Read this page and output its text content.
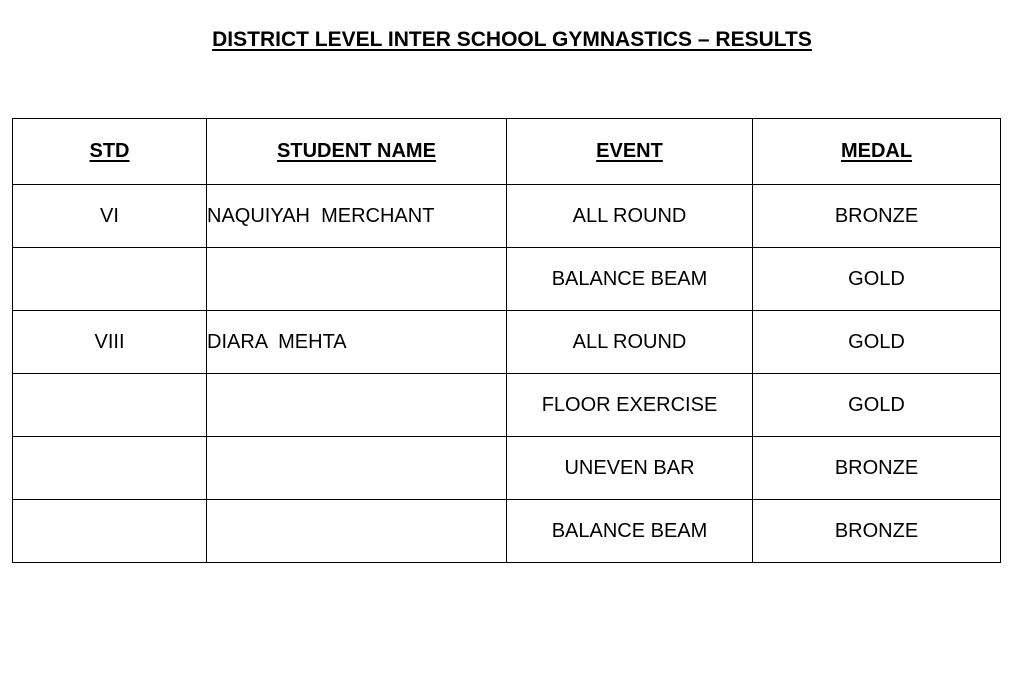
DISTRICT LEVEL INTER SCHOOL GYMNASTICS – RESULTS
STD	STUDENT NAME	EVENT	MEDAL
VI	NAQUIYAH  MERCHANT	ALL ROUND	BRONZE
		BALANCE BEAM	GOLD
VIII	DIARA  MEHTA	ALL ROUND	GOLD
		FLOOR EXERCISE	GOLD
		UNEVEN BAR	BRONZE
		BALANCE BEAM	BRONZE
